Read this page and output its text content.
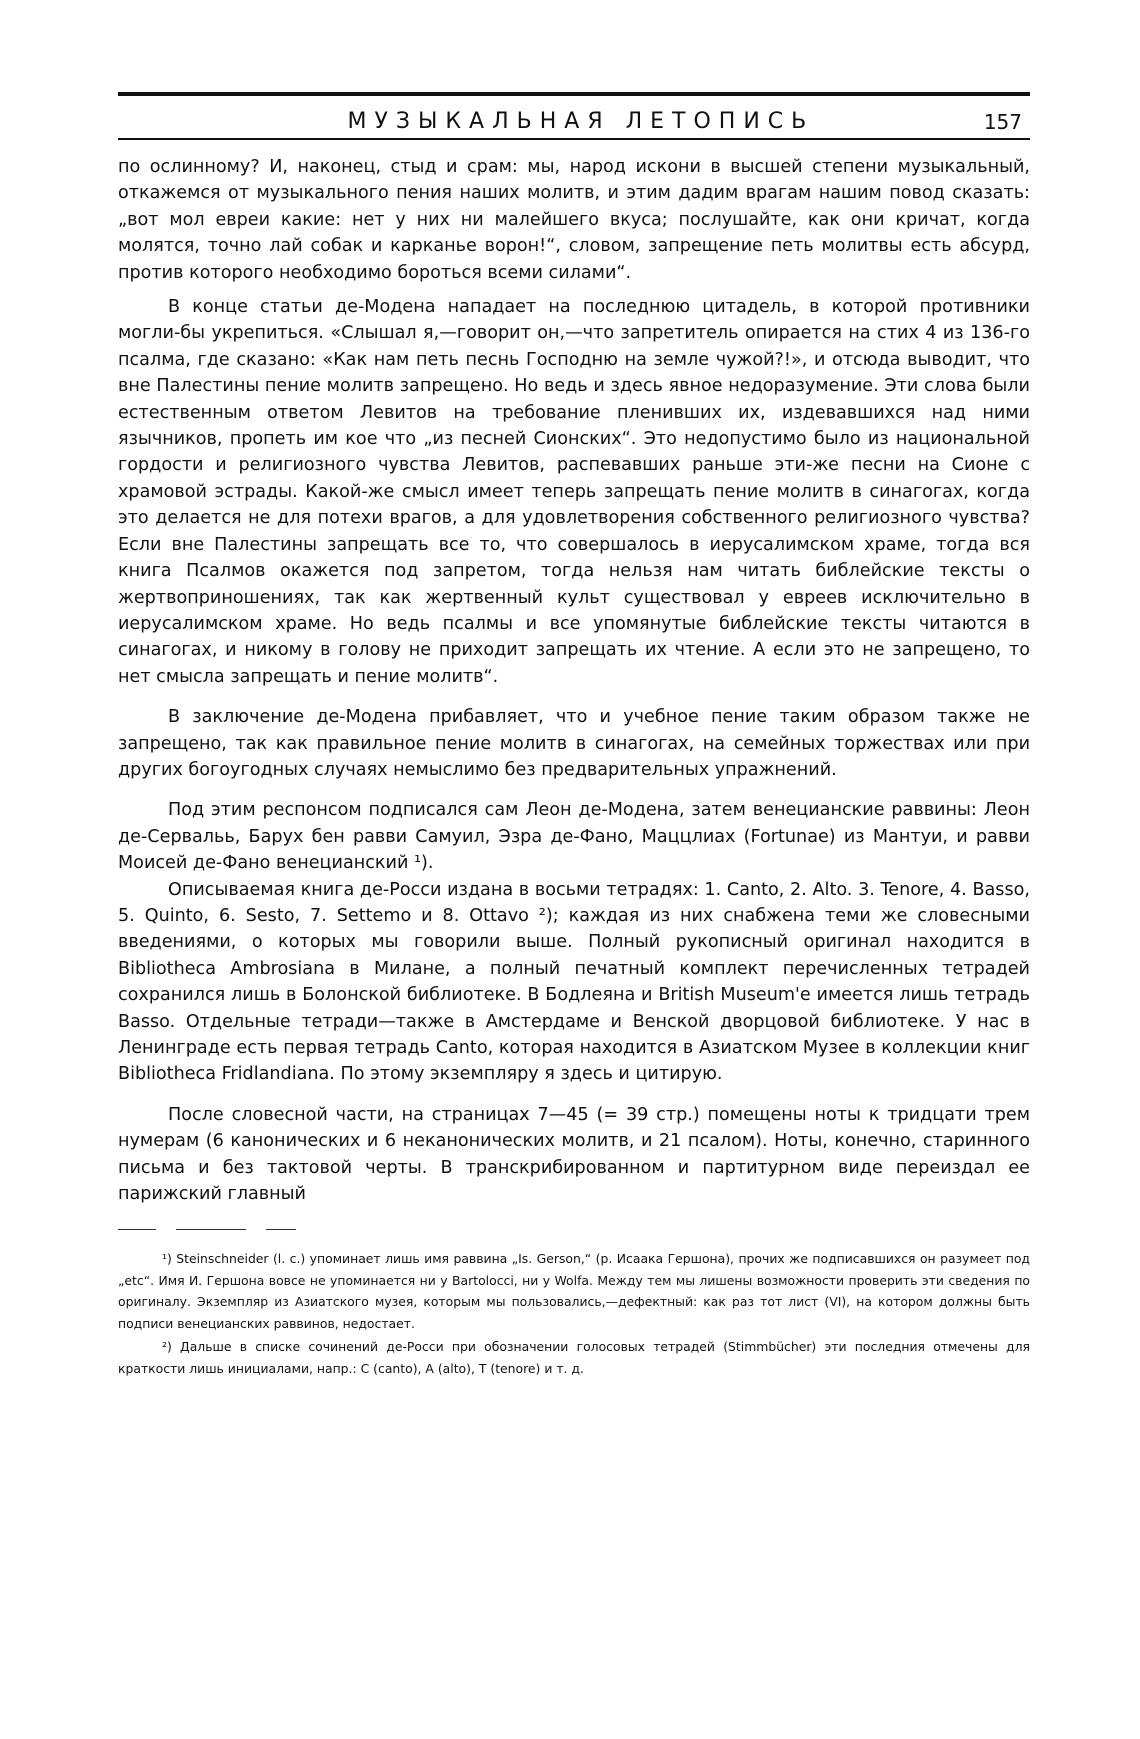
МУЗЫКАЛЬНАЯ ЛЕТОПИСЬ	157

по ослинному? И, наконец, стыд и срам: мы, народ искони в высшей степени музыкальный, откажемся от музыкального пения наших молитв, и этим дадим врагам нашим повод сказать: „вот мол евреи какие: нет у них ни малейшего вкуса; послушайте, как они кричат, когда молятся, точно лай собак и карканье ворон!“, словом, запрещение петь молитвы есть абсурд, против которого необходимо бороться всеми силами“.

В конце статьи де-Модена нападает на последнюю цитадель, в которой противники могли-бы укрепиться. «Слышал я,—говорит он,—что запретитель опирается на стих 4 из 136-го псалма, где сказано: «Как нам петь песнь Господню на земле чужой?!», и отсюда выводит, что вне Палестины пение молитв запрещено. Но ведь и здесь явное недоразумение. Эти слова были естественным ответом Левитов на требование пленивших их, издевавшихся над ними язычников, пропеть им кое что „из песней Сионских“. Это недопустимо было из национальной гордости и религиозного чувства Левитов, распевавших раньше эти-же песни на Сионе с храмовой эстрады. Какой-же смысл имеет теперь запрещать пение молитв в синагогах, когда это делается не для потехи врагов, а для удовлетворения собственного религиозного чувства? Если вне Палестины запрещать все то, что совершалось в иерусалимском храме, тогда вся книга Псалмов окажется под запретом, тогда нельзя нам читать библейские тексты о жертвоприношениях, так как жертвенный культ существовал у евреев исключительно в иерусалимском храме. Но ведь псалмы и все упомянутые библейские тексты читаются в синагогах, и никому в голову не приходит запрещать их чтение. А если это не запрещено, то нет смысла запрещать и пение молитв“.

В заключение де-Модена прибавляет, что и учебное пение таким образом также не запрещено, так как правильное пение молитв в синагогах, на семейных торжествах или при других богоугодных случаях немыслимо без предварительных упражнений.

Под этим респонсом подписался сам Леон де-Модена, затем венецианские раввины: Леон де-Сервальь, Барух бен равви Самуил, Эзра де-Фано, Маццлиах (Fortunae) из Мантуи, и равви Моисей де-Фано венецианский ¹).

Описываемая книга де-Росси издана в восьми тетрадях: 1. Canto, 2. Alto. 3. Tenore, 4. Basso, 5. Quinto, 6. Sesto, 7. Settemo и 8. Ottavo ²); каждая из них снабжена теми же словесными введениями, о которых мы говорили выше. Полный рукописный оригинал находится в Bibliotheca Ambrosiana в Милане, а полный печатный комплект перечисленных тетрадей сохранился лишь в Болонской библиотеке. В Бодлеяна и British Museum'е имеется лишь тетрадь Basso. Отдельные тетради—также в Амстердаме и Венской дворцовой библиотеке. У нас в Ленинграде есть первая тетрадь Canto, которая находится в Азиатском Музее в коллекции книг Bibliotheca Fridlandiana. По этому экземпляру я здесь и цитирую.

После словесной части, на страницах 7—45 (= 39 стр.) помещены ноты к тридцати трем нумерам (6 канонических и 6 неканонических молитв, и 21 псалом). Ноты, конечно, старинного письма и без тактовой черты. В транскрибированном и партитурном виде переиздал ее парижский главный

¹) Steinschneider (l. c.) упоминает лишь имя раввина „Is. Gerson,“ (р. Исаака Гершона), прочих же подписавшихся он разумеет под „etc“. Имя И. Гершона вовсе не упоминается ни у Bartolocci, ни у Wolfa. Между тем мы лишены возможности проверить эти сведения по оригиналу. Экземпляр из Азиатского музея, которым мы пользовались,—дефектный: как раз тот лист (VI), на котором должны быть подписи венецианских раввинов, недостает.

²) Дальше в списке сочинений де-Росси при обозначении голосовых тетрадей (Stimmbücher) эти последния отмечены для краткости лишь инициалами, напр.: С (canto), А (alto), Т (tenore) и т. д.
